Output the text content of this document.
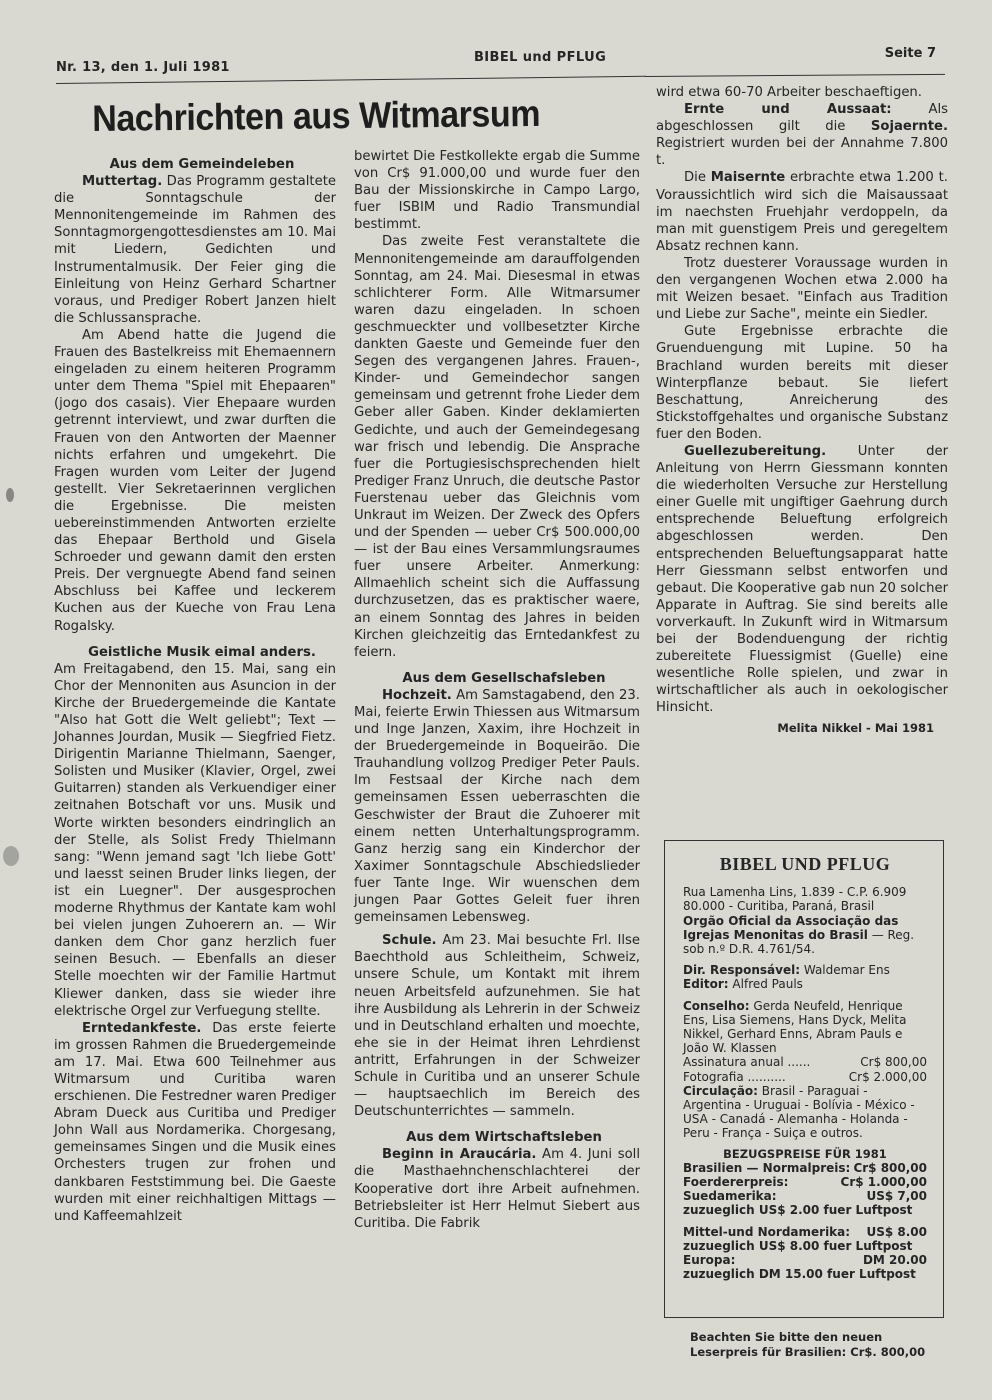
Nr. 13, den 1. Juli 1981
BIBEL und PFLUG	Seite 7
Nachrichten aus Witmarsum

Aus dem Gemeindeleben

Muttertag. Das Programm gestaltete die Sonntagschule der Mennonitengemeinde im Rahmen des Sonntagmorgengottesdienstes am 10. Mai mit Liedern, Gedichten und Instrumentalmusik. Der Feier ging die Einleitung von Heinz Gerhard Schartner voraus, und Prediger Robert Janzen hielt die Schlussansprache.

Am Abend hatte die Jugend die Frauen des Bastelkreiss mit Ehemaennern eingeladen zu einem heiteren Programm unter dem Thema "Spiel mit Ehepaaren" (jogo dos casais). Vier Ehepaare wurden getrennt interviewt, und zwar durften die Frauen von den Antworten der Maenner nichts erfahren und umgekehrt. Die Fragen wurden vom Leiter der Jugend gestellt. Vier Sekretaerinnen verglichen die Ergebnisse. Die meisten uebereinstimmenden Antworten erzielte das Ehepaar Berthold und Gisela Schroeder und gewann damit den ersten Preis. Der vergnuegte Abend fand seinen Abschluss bei Kaffee und leckerem Kuchen aus der Kueche von Frau Lena Rogalsky.

Geistliche Musik eimal anders.

Am Freitagabend, den 15. Mai, sang ein Chor der Mennoniten aus Asuncion in der Kirche der Bruedergemeinde die Kantate "Also hat Gott die Welt geliebt"; Text — Johannes Jourdan, Musik — Siegfried Fietz. Dirigentin Marianne Thielmann, Saenger, Solisten und Musiker (Klavier, Orgel, zwei Guitarren) standen als Verkuendiger einer zeitnahen Botschaft vor uns. Musik und Worte wirkten besonders eindringlich an der Stelle, als Solist Fredy Thielmann sang: "Wenn jemand sagt 'Ich liebe Gott' und laesst seinen Bruder links liegen, der ist ein Luegner". Der ausgesprochen moderne Rhythmus der Kantate kam wohl bei vielen jungen Zuhoerern an. — Wir danken dem Chor ganz herzlich fuer seinen Besuch. — Ebenfalls an dieser Stelle moechten wir der Familie Hartmut Kliewer danken, dass sie wieder ihre elektrische Orgel zur Verfuegung stellte.

Erntedankfeste. Das erste feierte im grossen Rahmen die Bruedergemeinde am 17. Mai. Etwa 600 Teilnehmer aus Witmarsum und Curitiba waren erschienen. Die Festredner waren Prediger Abram Dueck aus Curitiba und Prediger John Wall aus Nordamerika. Chorgesang, gemeinsames Singen und die Musik eines Orchesters trugen zur frohen und dankbaren Feststimmung bei. Die Gaeste wurden mit einer reichhaltigen Mittags — und Kaffeemahlzeit

bewirtet Die Festkollekte ergab die Summe von Cr$ 91.000,00 und wurde fuer den Bau der Missionskirche in Campo Largo, fuer ISBIM und Radio Transmundial bestimmt.

Das zweite Fest veranstaltete die Mennonitengemeinde am darauffolgenden Sonntag, am 24. Mai. Diesesmal in etwas schlichterer Form. Alle Witmarsumer waren dazu eingeladen. In schoen geschmueckter und vollbesetzter Kirche dankten Gaeste und Gemeinde fuer den Segen des vergangenen Jahres. Frauen-, Kinder- und Gemeindechor sangen gemeinsam und getrennt frohe Lieder dem Geber aller Gaben. Kinder deklamierten Gedichte, und auch der Gemeindegesang war frisch und lebendig. Die Ansprache fuer die Portugiesischsprechenden hielt Prediger Franz Unruch, die deutsche Pastor Fuerstenau ueber das Gleichnis vom Unkraut im Weizen. Der Zweck des Opfers und der Spenden — ueber Cr$ 500.000,00 — ist der Bau eines Versammlungsraumes fuer unsere Arbeiter. Anmerkung: Allmaehlich scheint sich die Auffassung durchzusetzen, das es praktischer waere, an einem Sonntag des Jahres in beiden Kirchen gleichzeitig das Erntedankfest zu feiern.

Aus dem Gesellschafsleben

Hochzeit. Am Samstagabend, den 23. Mai, feierte Erwin Thiessen aus Witmarsum und Inge Janzen, Xaxim, ihre Hochzeit in der Bruedergemeinde in Boqueirão. Die Trauhandlung vollzog Prediger Peter Pauls. Im Festsaal der Kirche nach dem gemeinsamen Essen ueberraschten die Geschwister der Braut die Zuhoerer mit einem netten Unterhaltungsprogramm. Ganz herzig sang ein Kinderchor der Xaximer Sonntagschule Abschiedslieder fuer Tante Inge. Wir wuenschen dem jungen Paar Gottes Geleit fuer ihren gemeinsamen Lebensweg.

Schule. Am 23. Mai besuchte Frl. Ilse Baechthold aus Schleitheim, Schweiz, unsere Schule, um Kontakt mit ihrem neuen Arbeitsfeld aufzunehmen. Sie hat ihre Ausbildung als Lehrerin in der Schweiz und in Deutschland erhalten und moechte, ehe sie in der Heimat ihren Lehrdienst antritt, Erfahrungen in der Schweizer Schule in Curitiba und an unserer Schule — hauptsaechlich im Bereich des Deutschunterrichtes — sammeln.

Aus dem Wirtschaftsleben

Beginn in Araucária. Am 4. Juni soll die Masthaehnchenschlachterei der Kooperative dort ihre Arbeit aufnehmen. Betriebsleiter ist Herr Helmut Siebert aus Curitiba. Die Fabrik

wird etwa 60-70 Arbeiter beschaeftigen.

Ernte und Aussaat:	Als abgeschlossen gilt die Sojaernte. Registriert wurden bei der Annahme 7.800 t.

Die Maisernte erbrachte etwa 1.200 t. Voraussichtlich wird sich die Maisaussaat im naechsten Fruehjahr verdoppeln, da man mit guenstigem Preis und geregeltem Absatz rechnen kann.

Trotz duesterer Voraussage wurden in den vergangenen Wochen etwa 2.000 ha mit Weizen besaet. "Einfach aus Tradition und Liebe zur Sache", meinte ein Siedler.

Gute Ergebnisse erbrachte die Gruenduengung mit Lupine. 50 ha Brachland wurden bereits mit dieser Winterpflanze bebaut. Sie liefert Beschattung, Anreicherung des Stickstoffgehaltes und organische Substanz fuer den Boden.

Guellezubereitung. Unter der Anleitung von Herrn Giessmann konnten die wiederholten Versuche zur Herstellung einer Guelle mit ungiftiger Gaehrung durch entsprechende Belueftung erfolgreich abgeschlossen werden. Den entsprechenden Belueftungsapparat hatte Herr Giessmann selbst entworfen und gebaut. Die Kooperative gab nun 20 solcher Apparate in Auftrag. Sie sind bereits alle vorverkauft. In Zukunft wird in Witmarsum bei der Bodenduengung der richtig zubereitete Fluessigmist (Guelle) eine wesentliche Rolle spielen, und zwar in wirtschaftlicher als auch in oekologischer Hinsicht.

Melita Nikkel - Mai 1981
BIBEL UND PFLUG

Rua Lamenha Lins, 1.839 - C.P. 6.909

80.000 - Curitiba, Paraná, Brasil

Orgão Oficial da Associação das Igrejas Menonitas do Brasil — Reg. sob n.º D.R. 4.761/54.

Dir. Responsável: Waldemar Ens

Editor: Alfred Pauls

Conselho: Gerda Neufeld, Henrique Ens, Lisa Siemens, Hans Dyck, Melita Nikkel, Gerhard Enns, Abram Pauls e João W. Klassen

Assinatura anual ......	Cr$ 800,00
Fotografia ..........	Cr$ 2.000,00

Circulação: Brasil - Paraguai - Argentina - Uruguai - Bolívia - México - USA - Canadá - Alemanha - Holanda - Peru - França - Suiça e outros.

BEZUGSPREISE FÜR 1981
Brasilien — Normalpreis: Cr$ 800,00
Foerdererpreis:	Cr$ 1.000,00
Suedamerika:	US$ 7,00

zuzueglich US$ 2.00 fuer Luftpost

Mittel-und Nordamerika: US$ 8.00

zuzueglich US$ 8.00 fuer Luftpost

Europa:	DM 20.00

zuzueglich DM 15.00 fuer Luftpost

Beachten Sie bitte den neuen
Leserpreis für Brasilien: Cr$. 800,00
